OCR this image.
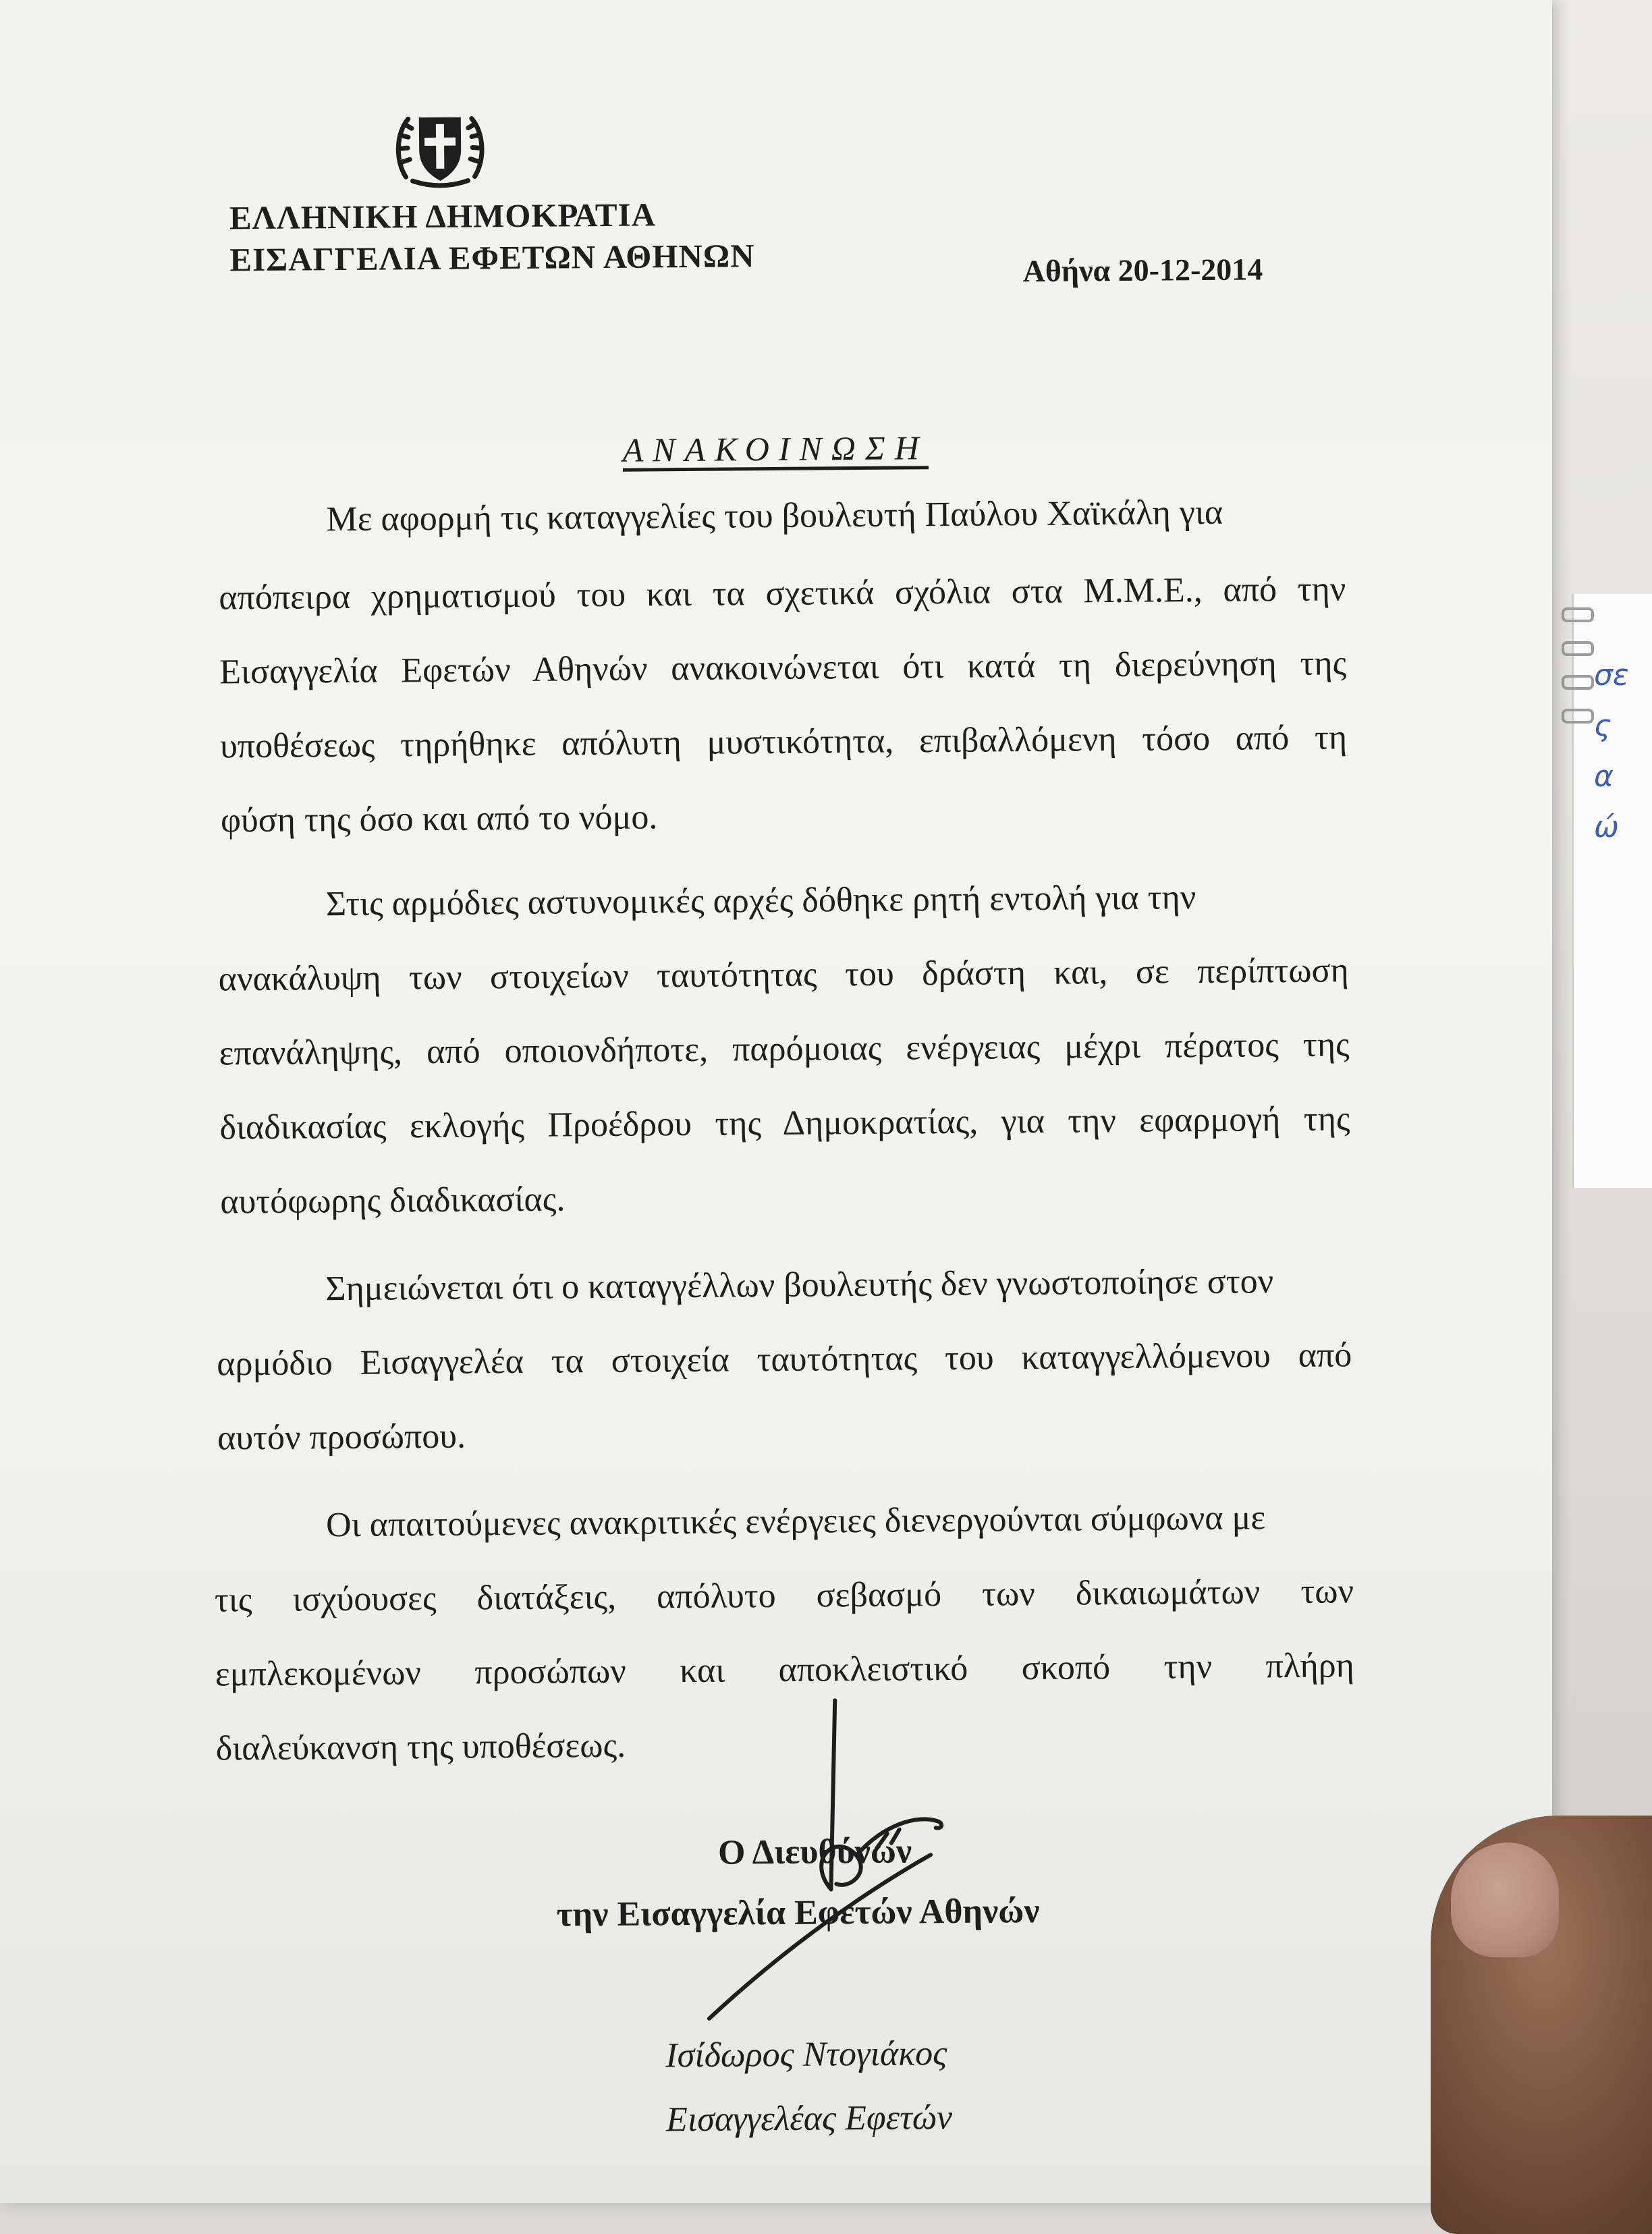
σε
ς
α
ώ
ΕΛΛΗΝΙΚΗ ΔΗΜΟΚΡΑΤΙΑ
ΕΙΣΑΓΓΕΛΙΑ ΕΦΕΤΩΝ ΑΘΗΝΩΝ	Αθήνα 20-12-2014
ΑΝΑΚΟΙΝΩΣΗ
Με αφορμή τις καταγγελίες του βουλευτή Παύλου Χαϊκάλη για
απόπειρα χρηματισμού του και τα σχετικά σχόλια στα Μ.Μ.Ε., από την
Εισαγγελία Εφετών Αθηνών ανακοινώνεται ότι κατά τη διερεύνηση της
υποθέσεως τηρήθηκε απόλυτη μυστικότητα, επιβαλλόμενη τόσο από τη
φύση της όσο και από το νόμο.
Στις αρμόδιες αστυνομικές αρχές δόθηκε ρητή εντολή για την
ανακάλυψη των στοιχείων ταυτότητας του δράστη και, σε περίπτωση
επανάληψης, από οποιονδήποτε, παρόμοιας ενέργειας μέχρι πέρατος της
διαδικασίας εκλογής Προέδρου της Δημοκρατίας, για την εφαρμογή της
αυτόφωρης διαδικασίας.
Σημειώνεται ότι ο καταγγέλλων βουλευτής δεν γνωστοποίησε στον
αρμόδιο Εισαγγελέα τα στοιχεία ταυτότητας του καταγγελλόμενου από
αυτόν προσώπου.
Οι απαιτούμενες ανακριτικές ενέργειες διενεργούνται σύμφωνα με
τις ισχύουσες διατάξεις, απόλυτο σεβασμό των δικαιωμάτων των
εμπλεκομένων προσώπων και αποκλειστικό σκοπό την πλήρη
διαλεύκανση της υποθέσεως.
Ο Διευθύνων
την Εισαγγελία Εφετών Αθηνών
Ισίδωρος Ντογιάκος
Εισαγγελέας Εφετών
